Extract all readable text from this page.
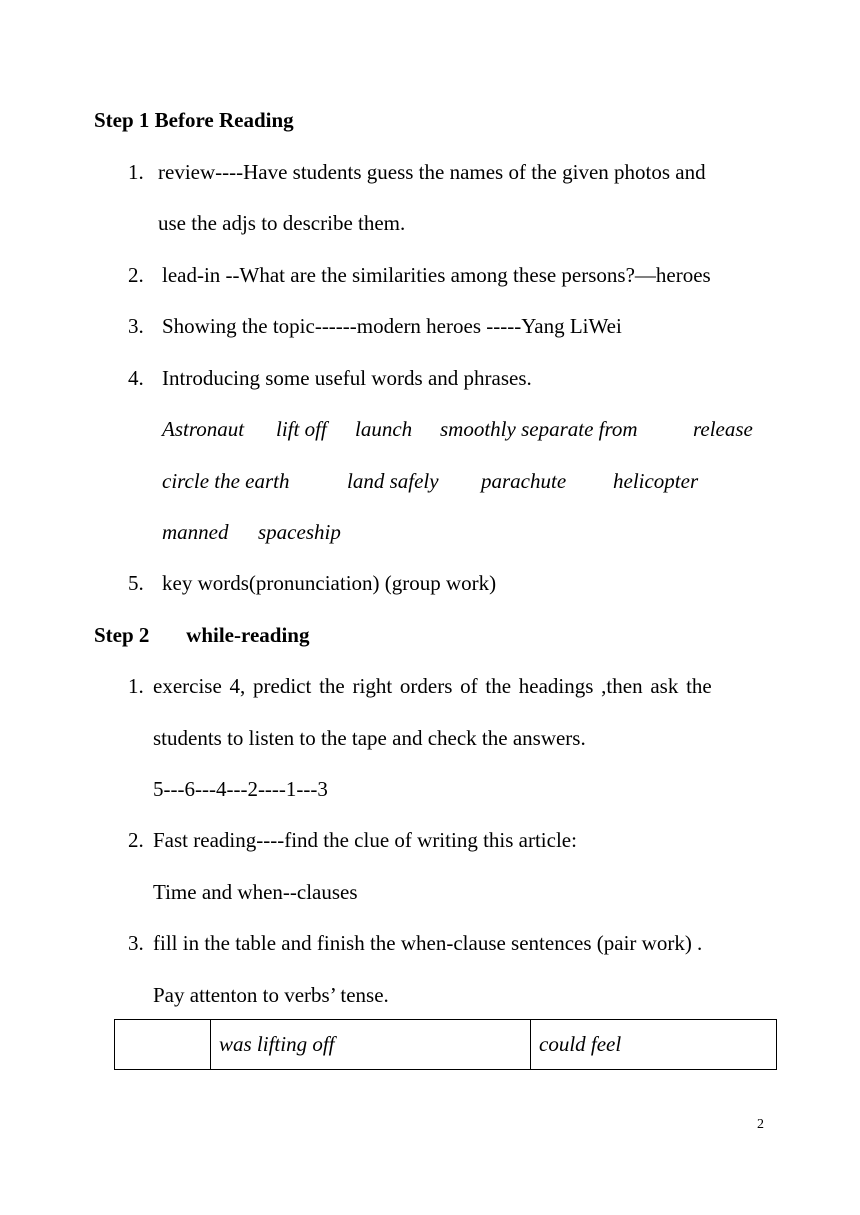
Step 1 Before Reading
1. review----Have students guess the names of the given photos and
use the adjs to describe them.
2. lead-in --What are the similarities among these persons?—heroes
3. Showing the topic------modern heroes -----Yang LiWei
4. Introducing some useful words and phrases.
Astronaut lift off launch smoothly separate from	release
circle the earth	land safely parachute helicopter
manned spaceship
5. key words(pronunciation) (group work)
Step 2       while-reading
1. exercise 4, predict the right orders of the headings ,then ask the
students to listen to the tape and check the answers.
5---6---4---2----1---3
2. Fast reading----find the clue of writing this article:
Time and when--clauses
3. fill in the table and finish the when-clause sentences (pair work) .
Pay attenton to verbs’ tense.
	was lifting off	could feel
2
